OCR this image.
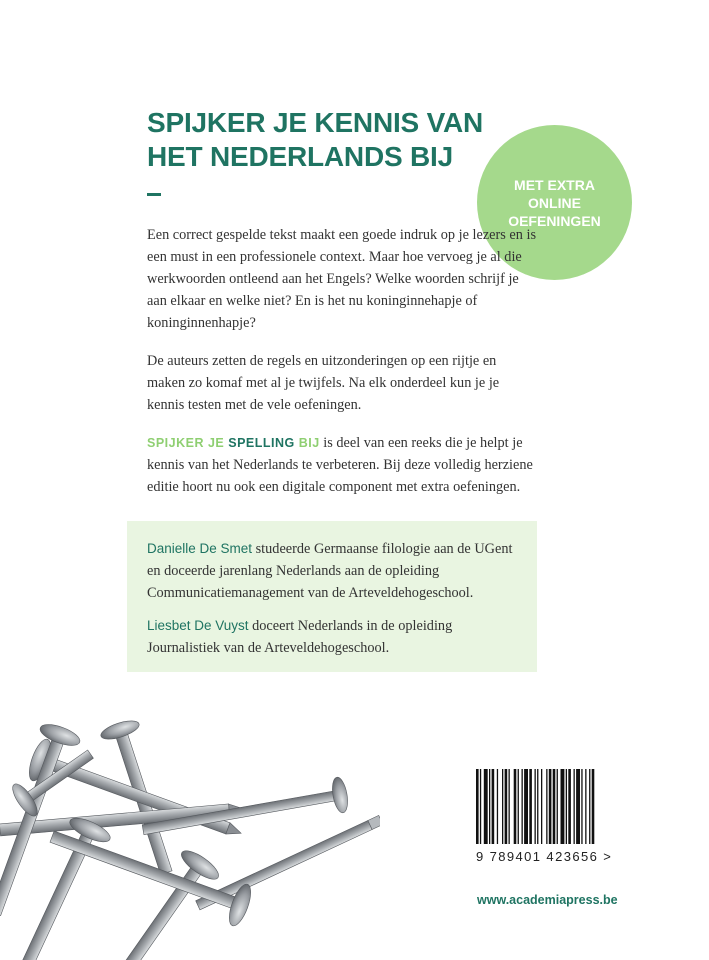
SPIJKER JE KENNIS VAN
HET NEDERLANDS BIJ
MET EXTRA
ONLINE
OEFENINGEN

Een correct gespelde tekst maakt een goede indruk op je lezers en is een must in een professionele context. Maar hoe vervoeg je al die werkwoorden ontleend aan het Engels? Welke woorden schrijf je aan elkaar en welke niet? En is het nu koninginnehapje of koninginnenhapje?

De auteurs zetten de regels en uitzonderingen op een rijtje en maken zo komaf met al je twijfels. Na elk onderdeel kun je je kennis testen met de vele oefeningen.

SPIJKER JE SPELLING BIJ is deel van een reeks die je helpt je kennis van het Nederlands te verbeteren. Bij deze volledig herziene editie hoort nu ook een digitale component met extra oefeningen.

Danielle De Smet studeerde Germaanse filologie aan de UGent en doceerde jarenlang Nederlands aan de opleiding Communicatiemanagement van de Arteveldehogeschool.

Liesbet De Vuyst doceert Nederlands in de opleiding Journalistiek van de Arteveldehogeschool.

9 789401 423656 >
www.academiapress.be
